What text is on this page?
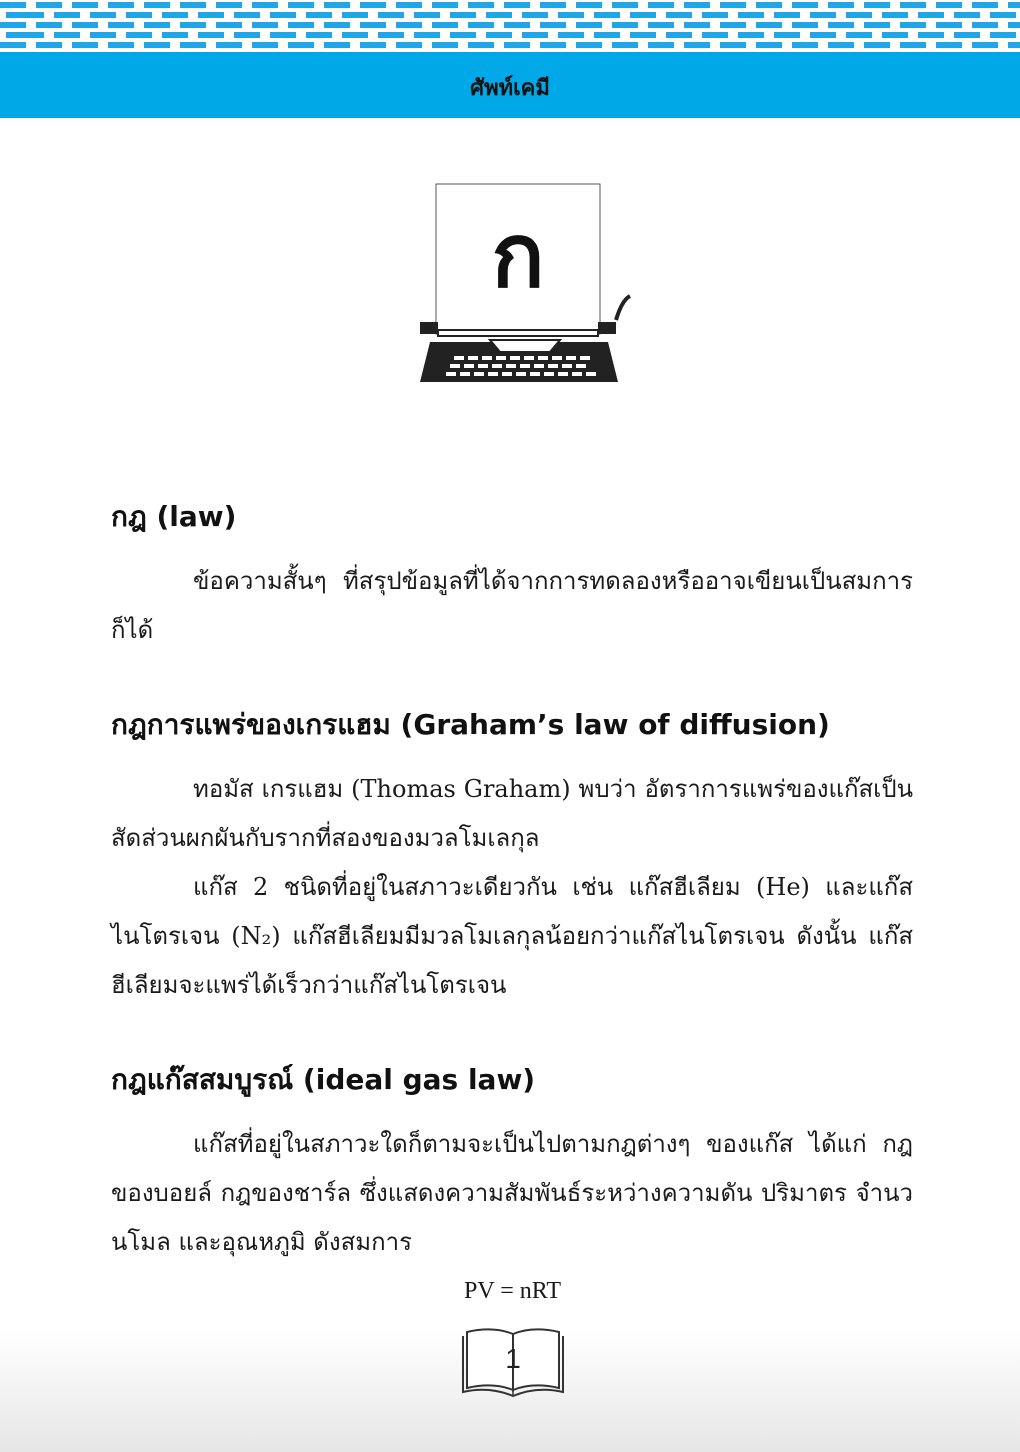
ศัพท์เคมี
ก
กฎ (law)

ข้อความสั้นๆ ที่สรุปข้อมูลที่ได้จากการทดลองหรืออาจเขียนเป็นสมการก็ได้

กฎการแพร่ของเกรแฮม (Graham’s law of diffusion)

ทอมัส เกรแฮม (Thomas Graham) พบว่า อัตราการแพร่ของแก๊สเป็นสัดส่วนผกผันกับรากที่สองของมวลโมเลกุล

แก๊ส 2 ชนิดที่อยู่ในสภาวะเดียวกัน เช่น แก๊สฮีเลียม (He) และแก๊สไนโตรเจน (N₂) แก๊สฮีเลียมมีมวลโมเลกุลน้อยกว่าแก๊สไนโตรเจน ดังนั้น แก๊สฮีเลียมจะแพร่ได้เร็วกว่าแก๊สไนโตรเจน

กฎแก๊สสมบูรณ์ (ideal gas law)

แก๊สที่อยู่ในสภาวะใดก็ตามจะเป็นไปตามกฎต่างๆ ของแก๊ส ได้แก่ กฎของบอยล์ กฎของชาร์ล ซึ่งแสดงความสัมพันธ์ระหว่างความดัน ปริมาตร จำนวนโมล และอุณหภูมิ ดังสมการ

PV = nRT
1
